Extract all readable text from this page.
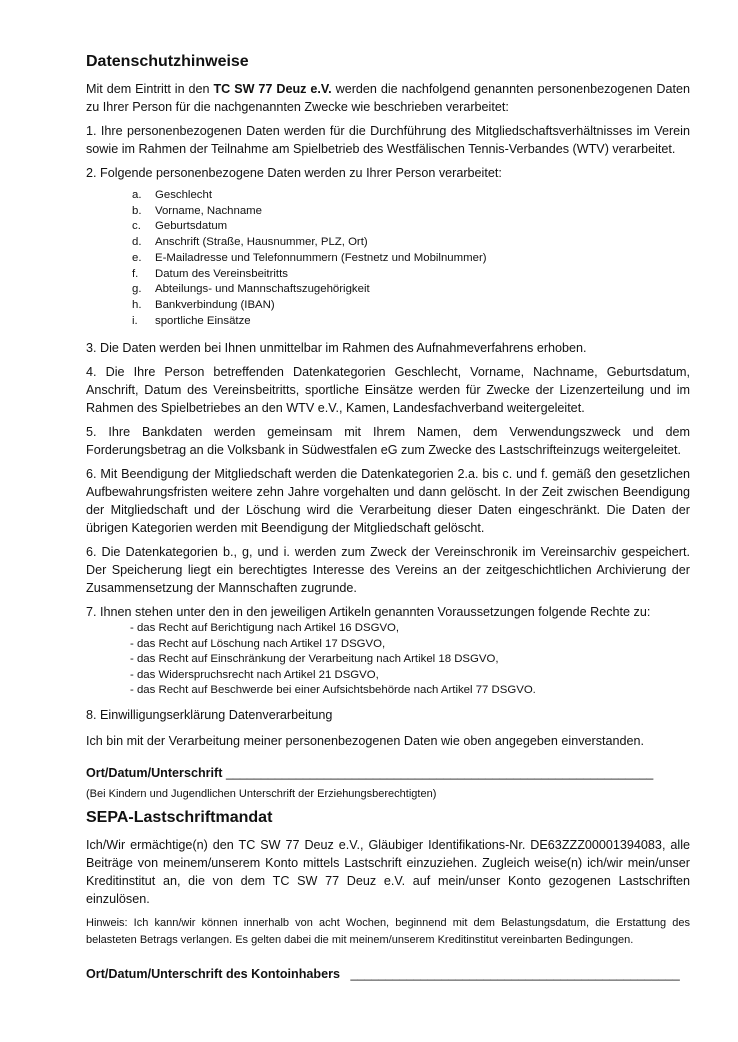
Datenschutzhinweise

Mit dem Eintritt in den TC SW 77 Deuz e.V. werden die nachfolgend genannten personenbezogenen Daten zu Ihrer Person für die nachgenannten Zwecke wie beschrieben verarbeitet:

1. Ihre personenbezogenen Daten werden für die Durchführung des Mitgliedschaftsverhältnisses im Verein sowie im Rahmen der Teilnahme am Spielbetrieb des Westfälischen Tennis-Verbandes (WTV) verarbeitet.

2. Folgende personenbezogene Daten werden zu Ihrer Person verarbeitet:

a.	Geschlecht
b.	Vorname, Nachname
c.	Geburtsdatum
d.	Anschrift (Straße, Hausnummer, PLZ, Ort)
e.	E-Mailadresse und Telefonnummern (Festnetz und Mobilnummer)
f.	Datum des Vereinsbeitritts
g.	Abteilungs- und Mannschaftszugehörigkeit
h.	Bankverbindung (IBAN)
i.	sportliche Einsätze

3. Die Daten werden bei Ihnen unmittelbar im Rahmen des Aufnahmeverfahrens erhoben.

4. Die Ihre Person betreffenden Datenkategorien Geschlecht, Vorname, Nachname, Geburtsdatum, Anschrift, Datum des Vereinsbeitritts, sportliche Einsätze werden für Zwecke der Lizenzerteilung und im Rahmen des Spielbetriebes an den WTV e.V., Kamen, Landesfachverband weitergeleitet.

5. Ihre Bankdaten werden gemeinsam mit Ihrem Namen, dem Verwendungszweck und dem Forderungsbetrag an die Volksbank in Südwestfalen eG zum Zwecke des Lastschrifteinzugs weitergeleitet.

6. Mit Beendigung der Mitgliedschaft werden die Datenkategorien 2.a. bis c. und f. gemäß den gesetzlichen Aufbewahrungsfristen weitere zehn Jahre vorgehalten und dann gelöscht. In der Zeit zwischen Beendigung der Mitgliedschaft und der Löschung wird die Verarbeitung dieser Daten eingeschränkt. Die Daten der übrigen Kategorien werden mit Beendigung der Mitgliedschaft gelöscht.

6. Die Datenkategorien b., g, und i. werden zum Zweck der Vereinschronik im Vereinsarchiv gespeichert. Der Speicherung liegt ein berechtigtes Interesse des Vereins an der zeitgeschichtlichen Archivierung der Zusammensetzung der Mannschaften zugrunde.

7. Ihnen stehen unter den in den jeweiligen Artikeln genannten Voraussetzungen folgende Rechte zu:

- das Recht auf Berichtigung nach Artikel 16 DSGVO,
- das Recht auf Löschung nach Artikel 17 DSGVO,
- das Recht auf Einschränkung der Verarbeitung nach Artikel 18 DSGVO,
- das Widerspruchsrecht nach Artikel 21 DSGVO,
- das Recht auf Beschwerde bei einer Aufsichtsbehörde nach Artikel 77 DSGVO.

8. Einwilligungserklärung Datenverarbeitung

Ich bin mit der Verarbeitung meiner personenbezogenen Daten wie oben angegeben einverstanden.

Ort/Datum/Unterschrift _____________________________________________________________

(Bei Kindern und Jugendlichen Unterschrift der Erziehungsberechtigten)

SEPA-Lastschriftmandat

Ich/Wir ermächtige(n) den TC SW 77 Deuz e.V., Gläubiger Identifikations-Nr. DE63ZZZ00001394083, alle Beiträge von meinem/unserem Konto mittels Lastschrift einzuziehen. Zugleich weise(n) ich/wir mein/unser Kreditinstitut an, die von dem TC SW 77 Deuz e.V. auf mein/unser Konto gezogenen Lastschriften einzulösen.

Hinweis: Ich kann/wir können innerhalb von acht Wochen, beginnend mit dem Belastungsdatum, die Erstattung des belasteten Betrags verlangen. Es gelten dabei die mit meinem/unserem Kreditinstitut vereinbarten Bedingungen.

Ort/Datum/Unterschrift des Kontoinhabers _______________________________________________
